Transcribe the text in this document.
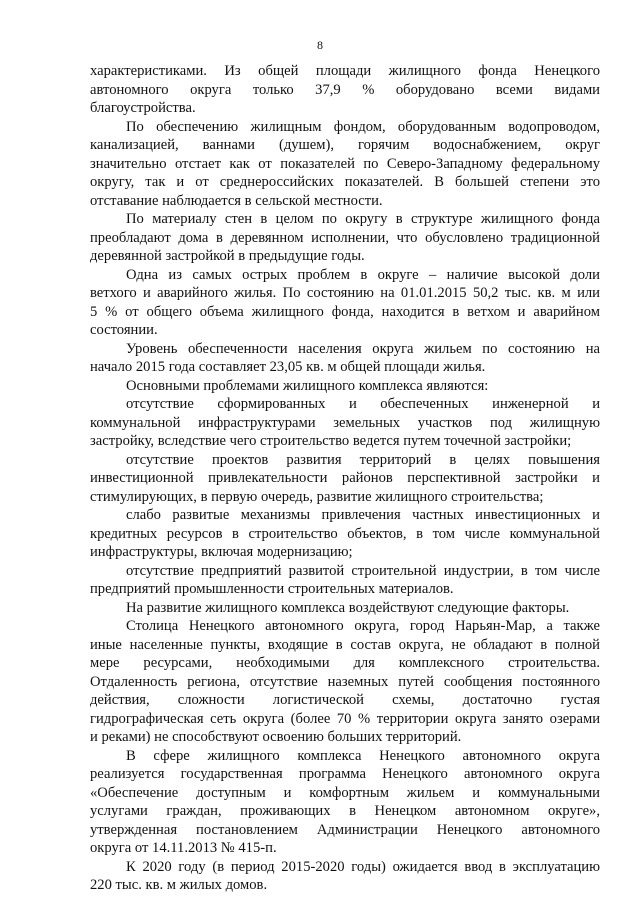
8
характеристиками. Из общей площади жилищного фонда Ненецкого
автономного округа только 37,9 % оборудовано всеми видами
благоустройства.
По обеспечению жилищным фондом, оборудованным водопроводом,
канализацией, ваннами (душем), горячим водоснабжением, округ
значительно отстает как от показателей по Северо-Западному федеральному
округу, так и от среднероссийских показателей. В большей степени это
отставание наблюдается в сельской местности.
По материалу стен в целом по округу в структуре жилищного фонда
преобладают дома в деревянном исполнении, что обусловлено традиционной
деревянной застройкой в предыдущие годы.
Одна из самых острых проблем в округе – наличие высокой доли
ветхого и аварийного жилья. По состоянию на 01.01.2015 50,2 тыс. кв. м или
5 % от общего объема жилищного фонда, находится в ветхом и аварийном
состоянии.
Уровень обеспеченности населения округа жильем по состоянию на
начало 2015 года составляет 23,05 кв. м общей площади жилья.
Основными проблемами жилищного комплекса являются:
отсутствие сформированных и обеспеченных инженерной и
коммунальной инфраструктурами земельных участков под жилищную
застройку, вследствие чего строительство ведется путем точечной застройки;
отсутствие проектов развития территорий в целях повышения
инвестиционной привлекательности районов перспективной застройки и
стимулирующих, в первую очередь, развитие жилищного строительства;
слабо развитые механизмы привлечения частных инвестиционных и
кредитных ресурсов в строительство объектов, в том числе коммунальной
инфраструктуры, включая модернизацию;
отсутствие предприятий развитой строительной индустрии, в том числе
предприятий промышленности строительных материалов.
На развитие жилищного комплекса воздействуют следующие факторы.
Столица Ненецкого автономного округа, город Нарьян-Мар, а также
иные населенные пункты, входящие в состав округа, не обладают в полной
мере ресурсами, необходимыми для комплексного строительства.
Отдаленность региона, отсутствие наземных путей сообщения постоянного
действия, сложности логистической схемы, достаточно густая
гидрографическая сеть округа (более 70 % территории округа занято озерами
и реками) не способствуют освоению больших территорий.
В сфере жилищного комплекса Ненецкого автономного округа
реализуется государственная программа Ненецкого автономного округа
«Обеспечение доступным и комфортным жильем и коммунальными
услугами граждан, проживающих в Ненецком автономном округе»,
утвержденная постановлением Администрации Ненецкого автономного
округа от 14.11.2013 № 415-п.
К 2020 году (в период 2015-2020 годы) ожидается ввод в эксплуатацию
220 тыс. кв. м жилых домов.
